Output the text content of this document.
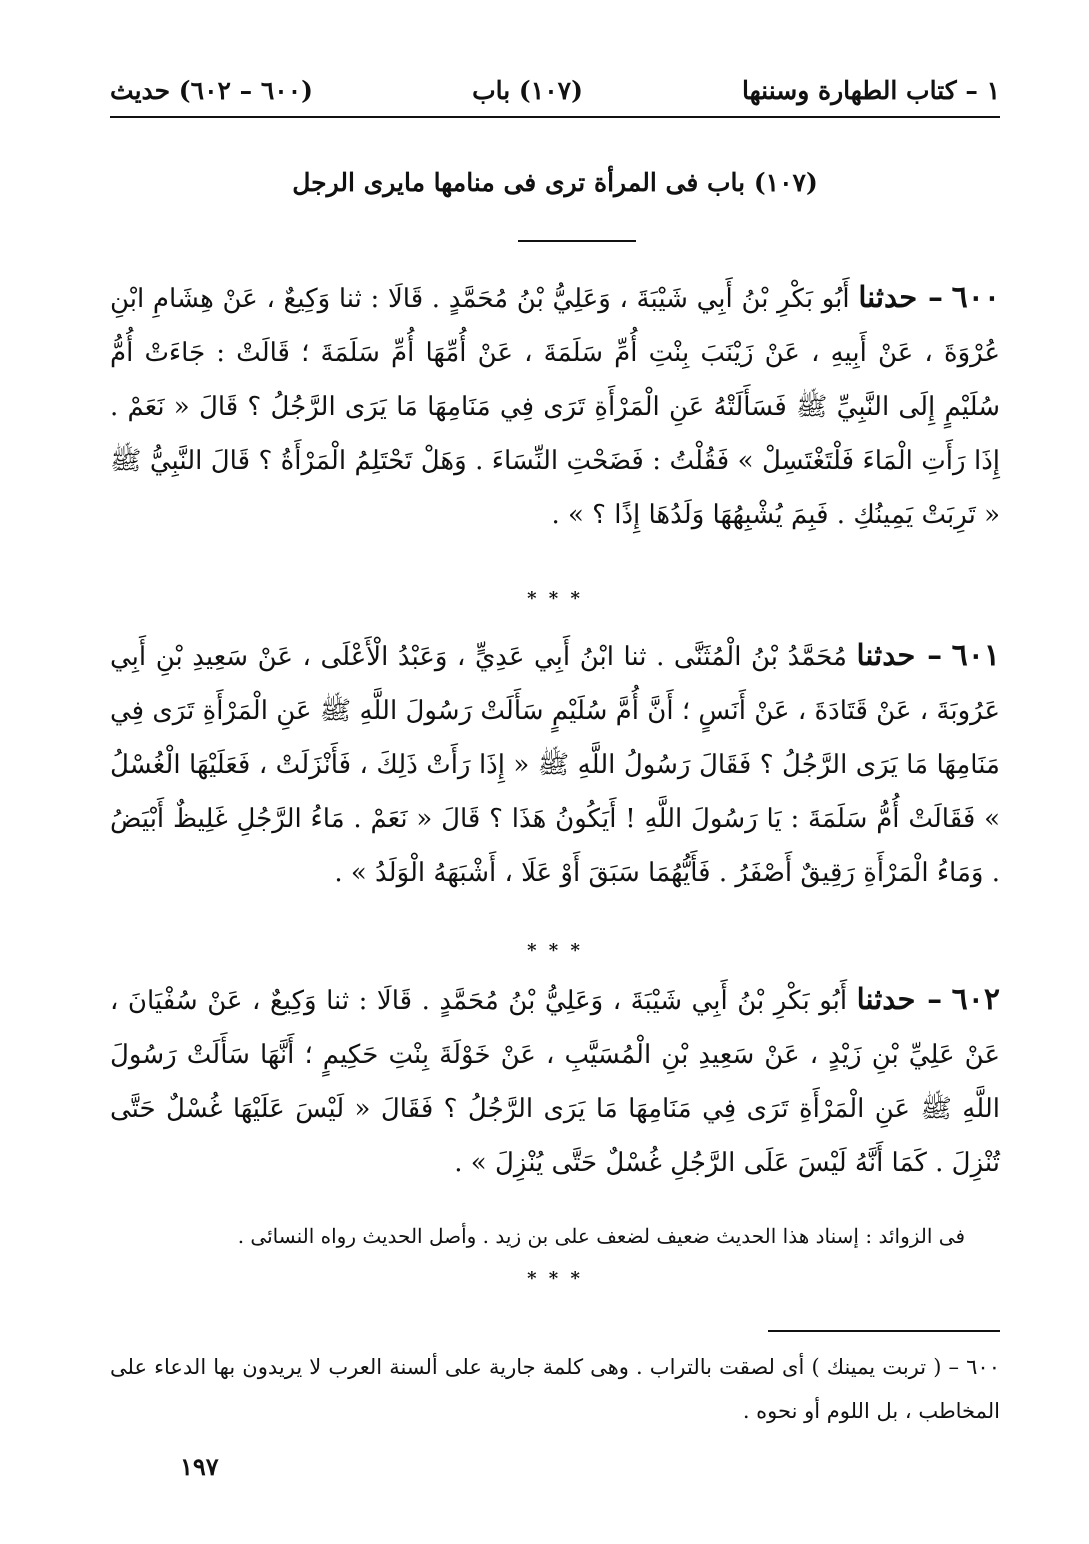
١ – كتاب الطهارة وسننها
(١٠٧) باب
(٦٠٠ – ٦٠٢) حديث
(١٠٧) باب فى المرأة ترى فى منامها مايرى الرجل
٦٠٠ – حدثنا أَبُو بَكْرِ بْنُ أَبِي شَيْبَةَ ، وَعَلِيُّ بْنُ مُحَمَّدٍ . قَالَا : ثنا وَكِيعٌ ، عَنْ هِشَامِ ابْنِ عُرْوَةَ ، عَنْ أَبِيهِ ، عَنْ زَيْنَبَ بِنْتِ أُمِّ سَلَمَةَ ، عَنْ أُمِّهَا أُمِّ سَلَمَةَ ؛ قَالَتْ : جَاءَتْ أُمُّ سُلَيْمٍ إِلَى النَّبِيِّ ﷺ فَسَأَلَتْهُ عَنِ الْمَرْأَةِ تَرَى فِي مَنَامِهَا مَا يَرَى الرَّجُلُ ؟ قَالَ « نَعَمْ . إِذَا رَأَتِ الْمَاءَ فَلْتَغْتَسِلْ » فَقُلْتُ : فَضَحْتِ النِّسَاءَ . وَهَلْ تَحْتَلِمُ الْمَرْأَةُ ؟ قَالَ النَّبِيُّ ﷺ « تَرِبَتْ يَمِينُكِ . فَبِمَ يُشْبِهُهَا وَلَدُهَا إِذًا ؟ » .
* * *
٦٠١ – حدثنا مُحَمَّدُ بْنُ الْمُثَنَّى . ثنا ابْنُ أَبِي عَدِيٍّ ، وَعَبْدُ الْأَعْلَى ، عَنْ سَعِيدِ بْنِ أَبِي عَرُوبَةَ ، عَنْ قَتَادَةَ ، عَنْ أَنَسٍ ؛ أَنَّ أُمَّ سُلَيْمٍ سَأَلَتْ رَسُولَ اللَّهِ ﷺ عَنِ الْمَرْأَةِ تَرَى فِي مَنَامِهَا مَا يَرَى الرَّجُلُ ؟ فَقَالَ رَسُولُ اللَّهِ ﷺ « إِذَا رَأَتْ ذَلِكَ ، فَأَنْزَلَتْ ، فَعَلَيْهَا الْغُسْلُ » فَقَالَتْ أُمُّ سَلَمَةَ : يَا رَسُولَ اللَّهِ ! أَيَكُونُ هَذَا ؟ قَالَ « نَعَمْ . مَاءُ الرَّجُلِ غَلِيظٌ أَبْيَضُ . وَمَاءُ الْمَرْأَةِ رَقِيقٌ أَصْفَرُ . فَأَيُّهُمَا سَبَقَ أَوْ عَلَا ، أَشْبَهَهُ الْوَلَدُ » .
* * *
٦٠٢ – حدثنا أَبُو بَكْرِ بْنُ أَبِي شَيْبَةَ ، وَعَلِيُّ بْنُ مُحَمَّدٍ . قَالَا : ثنا وَكِيعٌ ، عَنْ سُفْيَانَ ، عَنْ عَلِيِّ بْنِ زَيْدٍ ، عَنْ سَعِيدِ بْنِ الْمُسَيَّبِ ، عَنْ خَوْلَةَ بِنْتِ حَكِيمٍ ؛ أَنَّهَا سَأَلَتْ رَسُولَ اللَّهِ ﷺ عَنِ الْمَرْأَةِ تَرَى فِي مَنَامِهَا مَا يَرَى الرَّجُلُ ؟ فَقَالَ « لَيْسَ عَلَيْهَا غُسْلٌ حَتَّى تُنْزِلَ . كَمَا أَنَّهُ لَيْسَ عَلَى الرَّجُلِ غُسْلٌ حَتَّى يُنْزِلَ » .
فى الزوائد : إسناد هذا الحديث ضعيف لضعف على بن زيد . وأصل الحديث رواه النسائى .
* * *
٦٠٠ – ( تربت يمينك ) أى لصقت بالتراب . وهى كلمة جارية على ألسنة العرب لا يريدون بها الدعاء على المخاطب ، بل اللوم أو نحوه .
١٩٧
